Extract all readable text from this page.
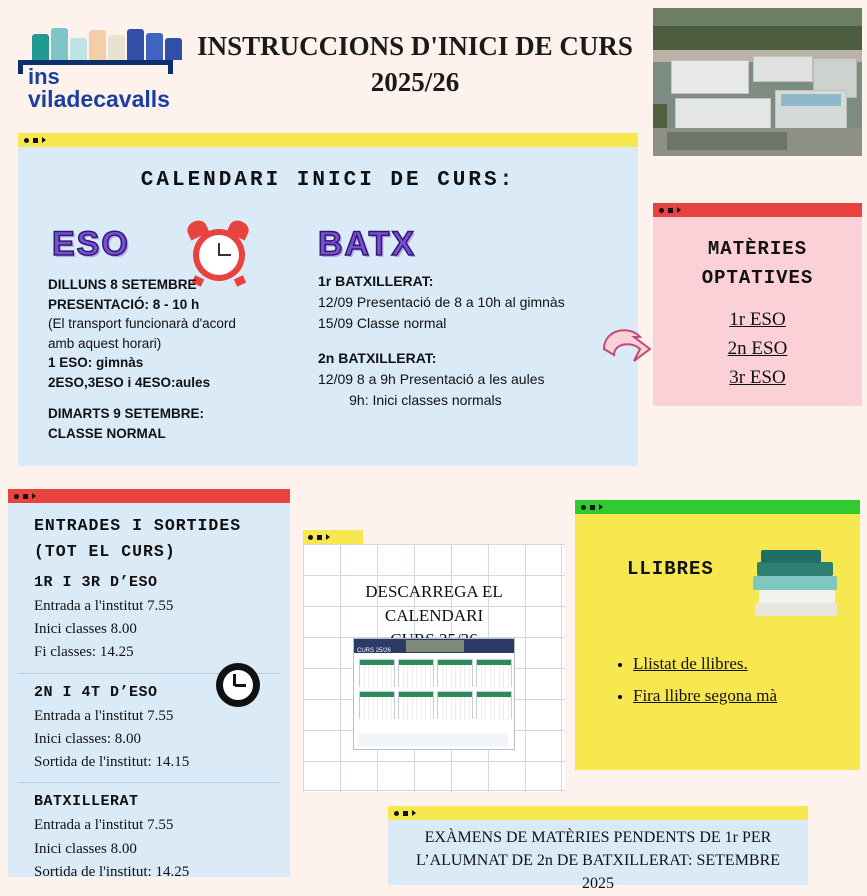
ins
viladecavalls
INSTRUCCIONS D'INICI DE CURS
2025/26
CALENDARI INICI DE CURS:
ESO	BATX
DILLUNS 8 SETEMBRE
PRESENTACIÓ: 8 - 10 h
(El transport funcionarà d'acord
amb aquest horari)
1 ESO: gimnàs
2ESO,3ESO i 4ESO:aules
DIMARTS 9 SETEMBRE:
CLASSE NORMAL
1r BATXILLERAT:
12/09 Presentació de 8 a 10h al gimnàs
15/09 Classe normal
2n BATXILLERAT:
12/09 8 a 9h Presentació a les aules
9h: Inici classes normals
MATÈRIES
OPTATIVES
1r ESO
2n ESO
3r ESO
ENTRADES I SORTIDES
(TOT EL CURS)
1R I 3R D’ESO
Entrada a l'institut 7.55
Inici classes 8.00
Fi classes: 14.25
2N I 4T D’ESO
Entrada a l'institut 7.55
Inici classes: 8.00
Sortida de l'institut: 14.15
BATXILLERAT
Entrada a l'institut 7.55
Inici classes 8.00
Sortida de l'institut: 14.25
DESCARREGA EL CALENDARI
CURS 25/26
LLIBRES
• Llistat de llibres.
• Fira llibre segona mà

EXÀMENS DE MATÈRIES PENDENTS DE 1r PER

L’ALUMNAT DE 2n DE BATXILLERAT: SETEMBRE 2025
